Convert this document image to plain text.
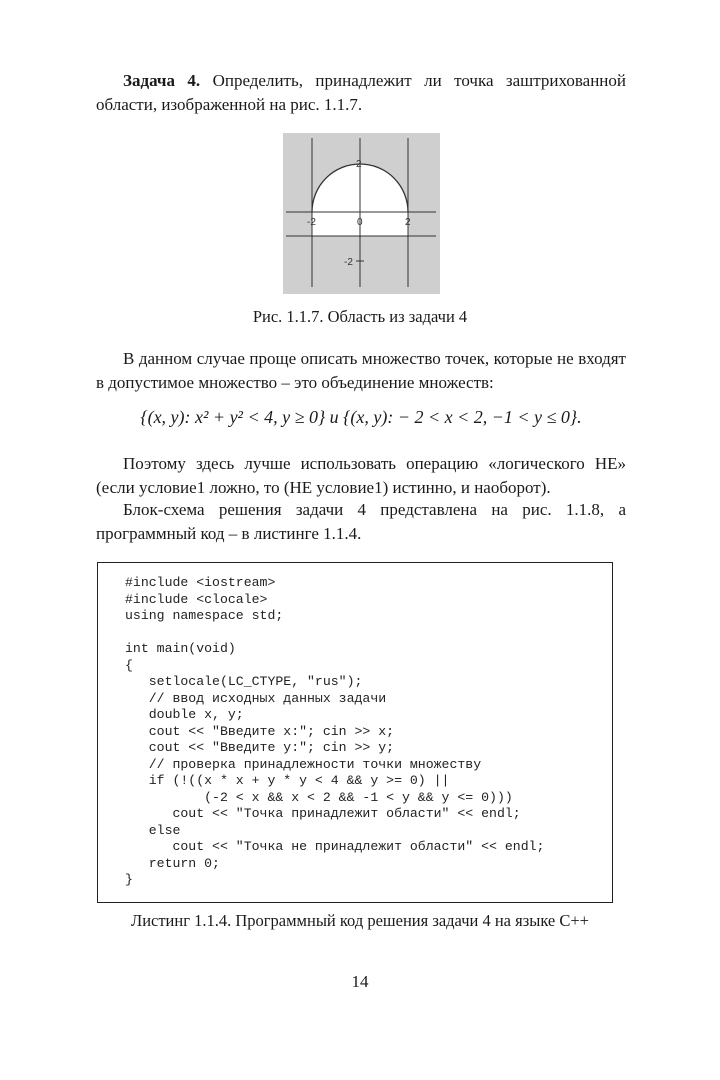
Задача 4. Определить, принадлежит ли точка заштрихованной области, изображенной на рис. 1.1.7.
-2	0	2
2
-2
Рис. 1.1.7. Область из задачи 4
В данном случае проще описать множество точек, которые не входят в допустимое множество – это объединение множеств:
{(x, y): x² + y² < 4, y ≥ 0} и {(x, y): − 2 < x < 2, −1 < y ≤ 0}.
Поэтому здесь лучше использовать операцию «логического НЕ» (если условие1 ложно, то (НЕ условие1) истинно, и наоборот).
Блок-схема решения задачи 4 представлена на рис. 1.1.8, а программный код – в листинге 1.1.4.
#include <iostream>
#include <clocale>
using namespace std;

int main(void)
{
setlocale(LC_CTYPE, "rus");
// ввод исходных данных задачи
double x, y;
cout << "Введите x:"; cin >> x;
cout << "Введите y:"; cin >> y;
// проверка принадлежности точки множеству
if (!((x * x + y * y < 4 && y >= 0) ||
(-2 < x && x < 2 && -1 < y && y <= 0)))
cout << "Точка принадлежит области" << endl;
else
cout << "Точка не принадлежит области" << endl;
return 0;
}
Листинг 1.1.4. Программный код решения задачи 4 на языке С++
14
